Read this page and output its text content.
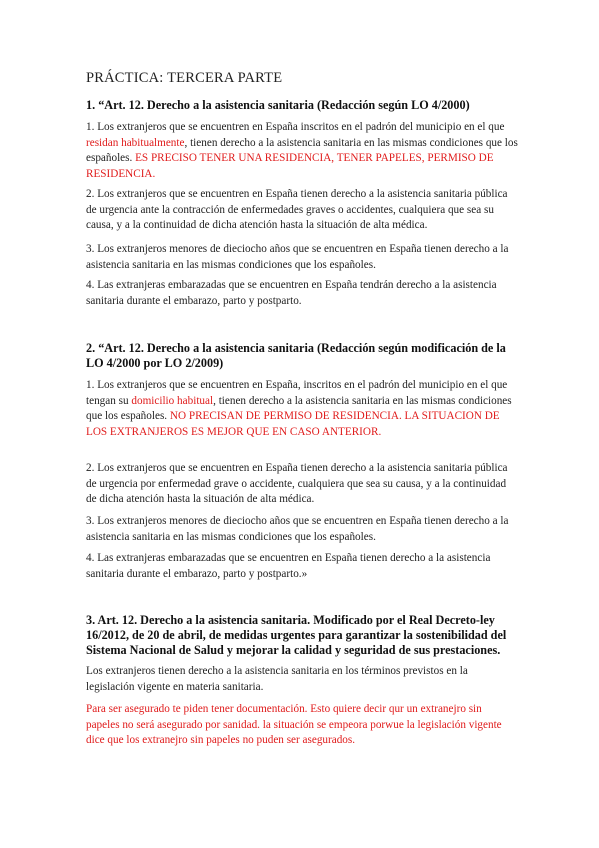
PRÁCTICA: TERCERA PARTE
1. “Art. 12. Derecho a la asistencia sanitaria (Redacción según LO 4/2000)
1. Los extranjeros que se encuentren en España inscritos en el padrón del municipio en el que residan habitualmente, tienen derecho a la asistencia sanitaria en las mismas condiciones que los españoles. ES PRECISO TENER UNA RESIDENCIA, TENER PAPELES, PERMISO DE RESIDENCIA.
2. Los extranjeros que se encuentren en España tienen derecho a la asistencia sanitaria pública de urgencia ante la contracción de enfermedades graves o accidentes, cualquiera que sea su causa, y a la continuidad de dicha atención hasta la situación de alta médica.
3. Los extranjeros menores de dieciocho años que se encuentren en España tienen derecho a la asistencia sanitaria en las mismas condiciones que los españoles.
4. Las extranjeras embarazadas que se encuentren en España tendrán derecho a la asistencia sanitaria durante el embarazo, parto y postparto.
2. “Art. 12. Derecho a la asistencia sanitaria (Redacción según modificación de la LO 4/2000 por LO 2/2009)
1. Los extranjeros que se encuentren en España, inscritos en el padrón del municipio en el que tengan su domicilio habitual, tienen derecho a la asistencia sanitaria en las mismas condiciones que los españoles. NO PRECISAN DE PERMISO DE RESIDENCIA. LA SITUACION DE LOS EXTRANJEROS ES MEJOR QUE EN CASO ANTERIOR.
2. Los extranjeros que se encuentren en España tienen derecho a la asistencia sanitaria pública de urgencia por enfermedad grave o accidente, cualquiera que sea su causa, y a la continuidad de dicha atención hasta la situación de alta médica.
3. Los extranjeros menores de dieciocho años que se encuentren en España tienen derecho a la asistencia sanitaria en las mismas condiciones que los españoles.
4. Las extranjeras embarazadas que se encuentren en España tienen derecho a la asistencia sanitaria durante el embarazo, parto y postparto.»
3. Art. 12. Derecho a la asistencia sanitaria. Modificado por el Real Decreto-ley 16/2012, de 20 de abril, de medidas urgentes para garantizar la sostenibilidad del Sistema Nacional de Salud y mejorar la calidad y seguridad de sus prestaciones.
Los extranjeros tienen derecho a la asistencia sanitaria en los términos previstos en la legislación vigente en materia sanitaria.
Para ser asegurado te piden tener documentación. Esto quiere decir qur un extranejro sin papeles no será asegurado por sanidad. la situación se empeora porwue la legislación vigente dice que los extranejro sin papeles no puden ser asegurados.
